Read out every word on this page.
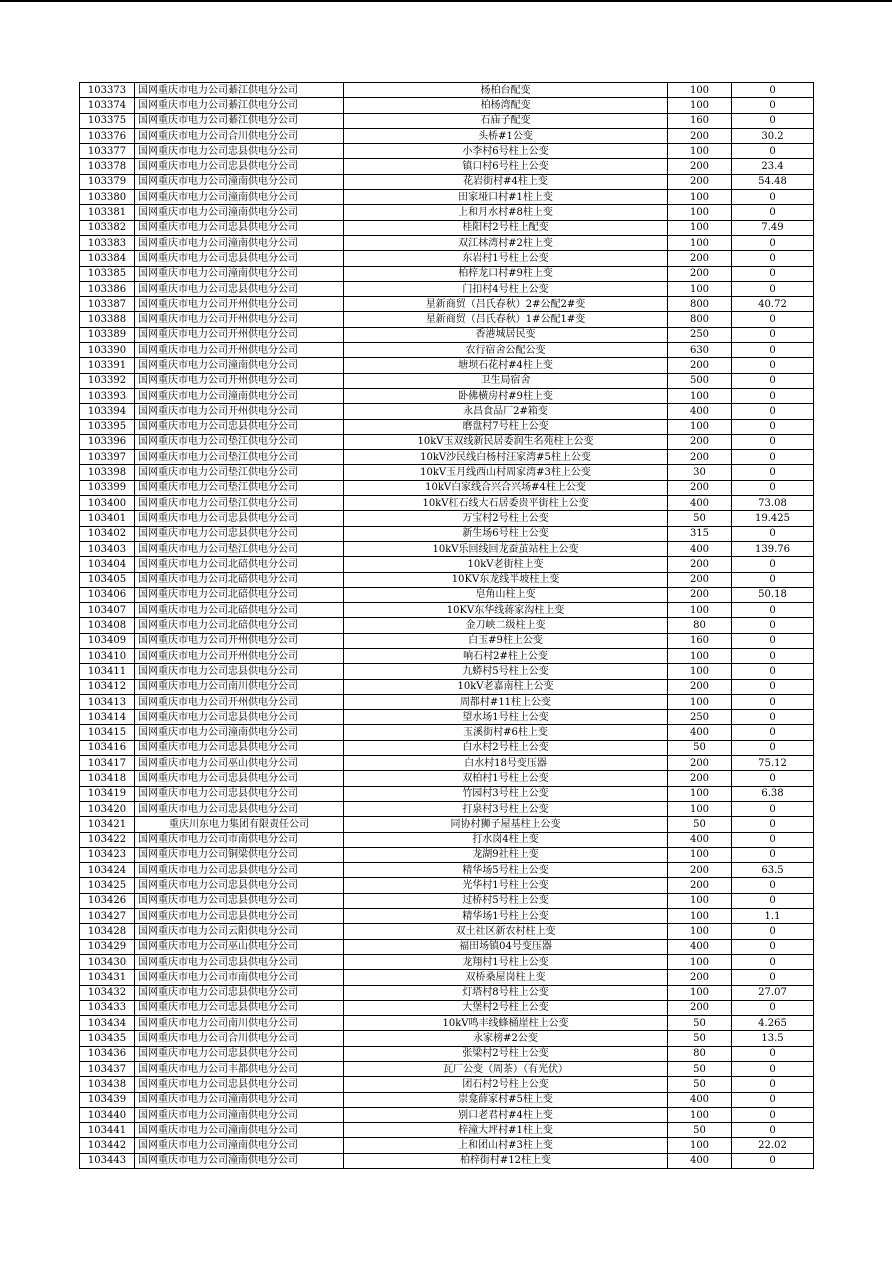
103373	国网重庆市电力公司綦江供电分公司	杨柏台配变	100	0
103374	国网重庆市电力公司綦江供电分公司	柏杨湾配变	100	0
103375	国网重庆市电力公司綦江供电分公司	石庙子配变	160	0
103376	国网重庆市电力公司合川供电分公司	头桥#1公变	200	30.2
103377	国网重庆市电力公司忠县供电分公司	小李村6号柱上公变	100	0
103378	国网重庆市电力公司忠县供电分公司	镇口村6号柱上公变	200	23.4
103379	国网重庆市电力公司潼南供电分公司	花岩街村#4柱上变	200	54.48
103380	国网重庆市电力公司潼南供电分公司	田家垭口村#1柱上变	100	0
103381	国网重庆市电力公司潼南供电分公司	上和月水村#8柱上变	100	0
103382	国网重庆市电力公司忠县供电分公司	桂阳村2号柱上配变	100	7.49
103383	国网重庆市电力公司潼南供电分公司	双江林湾村#2柱上变	100	0
103384	国网重庆市电力公司忠县供电分公司	东岩村1号柱上公变	200	0
103385	国网重庆市电力公司潼南供电分公司	柏梓龙口村#9柱上变	200	0
103386	国网重庆市电力公司忠县供电分公司	门扣村4号柱上公变	100	0
103387	国网重庆市电力公司开州供电分公司	星新商贸（吕氏春秋）2#公配2#变	800	40.72
103388	国网重庆市电力公司开州供电分公司	星新商贸（吕氏春秋）1#公配1#变	800	0
103389	国网重庆市电力公司开州供电分公司	香港城居民变	250	0
103390	国网重庆市电力公司开州供电分公司	农行宿舍公配公变	630	0
103391	国网重庆市电力公司潼南供电分公司	塘坝石花村#4柱上变	200	0
103392	国网重庆市电力公司开州供电分公司	卫生局宿舍	500	0
103393	国网重庆市电力公司潼南供电分公司	卧佛横房村#9柱上变	100	0
103394	国网重庆市电力公司开州供电分公司	永昌食品厂2#箱变	400	0
103395	国网重庆市电力公司忠县供电分公司	磨盘村7号柱上公变	100	0
103396	国网重庆市电力公司垫江供电分公司	10kV玉双线新民居委润生名苑柱上公变	200	0
103397	国网重庆市电力公司垫江供电分公司	10kV沙民线白杨村汪家湾#5柱上公变	200	0
103398	国网重庆市电力公司垫江供电分公司	10kV玉月线西山村周家湾#3柱上公变	30	0
103399	国网重庆市电力公司垫江供电分公司	10kV白家线合兴合兴场#4柱上公变	200	0
103400	国网重庆市电力公司垫江供电分公司	10kV杠石线大石居委贵平街柱上公变	400	73.08
103401	国网重庆市电力公司忠县供电分公司	万宝村2号柱上公变	50	19.425
103402	国网重庆市电力公司忠县供电分公司	新生场6号柱上公变	315	0
103403	国网重庆市电力公司垫江供电分公司	10kV乐回线回龙蚕茧站柱上公变	400	139.76
103404	国网重庆市电力公司北碚供电分公司	10kV老街柱上变	200	0
103405	国网重庆市电力公司北碚供电分公司	10KV东龙线半坡柱上变	200	0
103406	国网重庆市电力公司北碚供电分公司	皂角山柱上变	200	50.18
103407	国网重庆市电力公司北碚供电分公司	10KV东华线蒋家沟柱上变	100	0
103408	国网重庆市电力公司北碚供电分公司	金刀峡二级柱上变	80	0
103409	国网重庆市电力公司开州供电分公司	白玉#9柱上公变	160	0
103410	国网重庆市电力公司开州供电分公司	响石村2#柱上公变	100	0
103411	国网重庆市电力公司忠县供电分公司	九蟒村5号柱上公变	100	0
103412	国网重庆市电力公司南川供电分公司	10kV老嘉南柱上公变	200	0
103413	国网重庆市电力公司开州供电分公司	周都村#11柱上公变	100	0
103414	国网重庆市电力公司忠县供电分公司	望水场1号柱上公变	250	0
103415	国网重庆市电力公司潼南供电分公司	玉溪街村#6柱上变	400	0
103416	国网重庆市电力公司忠县供电分公司	白水村2号柱上公变	50	0
103417	国网重庆市电力公司巫山供电分公司	白水村18号变压器	200	75.12
103418	国网重庆市电力公司忠县供电分公司	双柏村1号柱上公变	200	0
103419	国网重庆市电力公司忠县供电分公司	竹园村3号柱上公变	100	6.38
103420	国网重庆市电力公司忠县供电分公司	打泉村3号柱上公变	100	0
103421	重庆川东电力集团有限责任公司	同协村狮子屋基柱上公变	50	0
103422	国网重庆市电力公司市南供电分公司	打水岗4柱上变	400	0
103423	国网重庆市电力公司铜梁供电分公司	龙湖9社柱上变	100	0
103424	国网重庆市电力公司忠县供电分公司	精华场5号柱上公变	200	63.5
103425	国网重庆市电力公司忠县供电分公司	光华村1号柱上公变	200	0
103426	国网重庆市电力公司忠县供电分公司	过桥村5号柱上公变	100	0
103427	国网重庆市电力公司忠县供电分公司	精华场1号柱上公变	100	1.1
103428	国网重庆市电力公司云阳供电分公司	双土社区新农村柱上变	100	0
103429	国网重庆市电力公司巫山供电分公司	福田场镇04号变压器	400	0
103430	国网重庆市电力公司忠县供电分公司	龙翔村1号柱上公变	100	0
103431	国网重庆市电力公司市南供电分公司	双桥桑屋岗柱上变	200	0
103432	国网重庆市电力公司忠县供电分公司	灯塔村8号柱上公变	100	27.07
103433	国网重庆市电力公司忠县供电分公司	大堡村2号柱上公变	200	0
103434	国网重庆市电力公司南川供电分公司	10kV鸣丰线蜂桶崖柱上公变	50	4.265
103435	国网重庆市电力公司合川供电分公司	永家榜#2公变	50	13.5
103436	国网重庆市电力公司忠县供电分公司	张梁村2号柱上公变	80	0
103437	国网重庆市电力公司丰都供电分公司	瓦厂公变（周茶）（有光伏）	50	0
103438	国网重庆市电力公司忠县供电分公司	团石村2号柱上公变	50	0
103439	国网重庆市电力公司潼南供电分公司	崇龛薛家村#5柱上变	400	0
103440	国网重庆市电力公司潼南供电分公司	别口老君村#4柱上变	100	0
103441	国网重庆市电力公司潼南供电分公司	梓潼大坪村#1柱上变	50	0
103442	国网重庆市电力公司潼南供电分公司	上和团山村#3柱上变	100	22.02
103443	国网重庆市电力公司潼南供电分公司	柏梓街村#12柱上变	400	0
